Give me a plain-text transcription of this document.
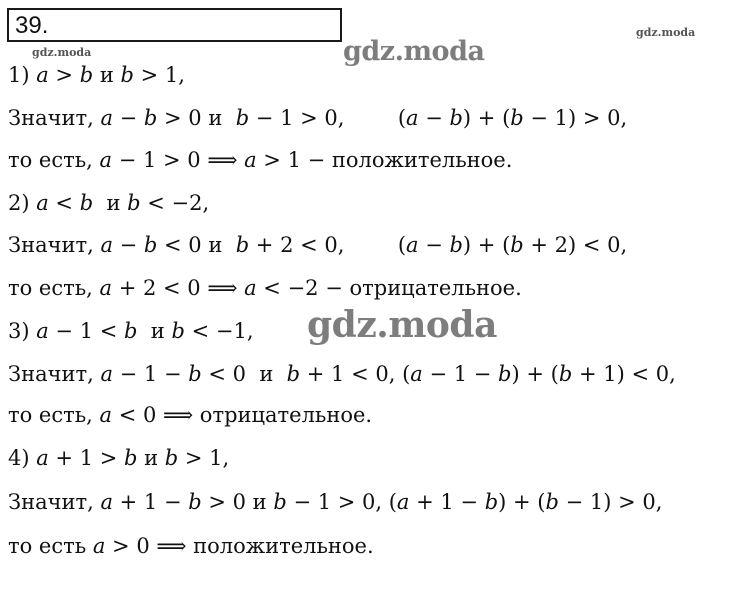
39.
gdz.moda
gdz.moda
gdz.moda
gdz.moda
1) 𝑎 > 𝑏 и 𝑏 > 1,
Значит, 𝑎 − 𝑏 > 0 и  𝑏 − 1 > 0,        (𝑎 − 𝑏) + (𝑏 − 1) > 0,
то есть, 𝑎 − 1 > 0 ⟹ 𝑎 > 1 − положительное.
2) 𝑎 < 𝑏  и 𝑏 < −2,
Значит, 𝑎 − 𝑏 < 0 и  𝑏 + 2 < 0,        (𝑎 − 𝑏) + (𝑏 + 2) < 0,
то есть, 𝑎 + 2 < 0 ⟹ 𝑎 < −2 − отрицательное.
3) 𝑎 − 1 < 𝑏  и 𝑏 < −1,
Значит, 𝑎 − 1 − 𝑏 < 0  и  𝑏 + 1 < 0, (𝑎 − 1 − 𝑏) + (𝑏 + 1) < 0,
то есть, 𝑎 < 0 ⟹ отрицательное.
4) 𝑎 + 1 > 𝑏 и 𝑏 > 1,
Значит, 𝑎 + 1 − 𝑏 > 0 и 𝑏 − 1 > 0, (𝑎 + 1 − 𝑏) + (𝑏 − 1) > 0,
то есть 𝑎 > 0 ⟹ положительное.
